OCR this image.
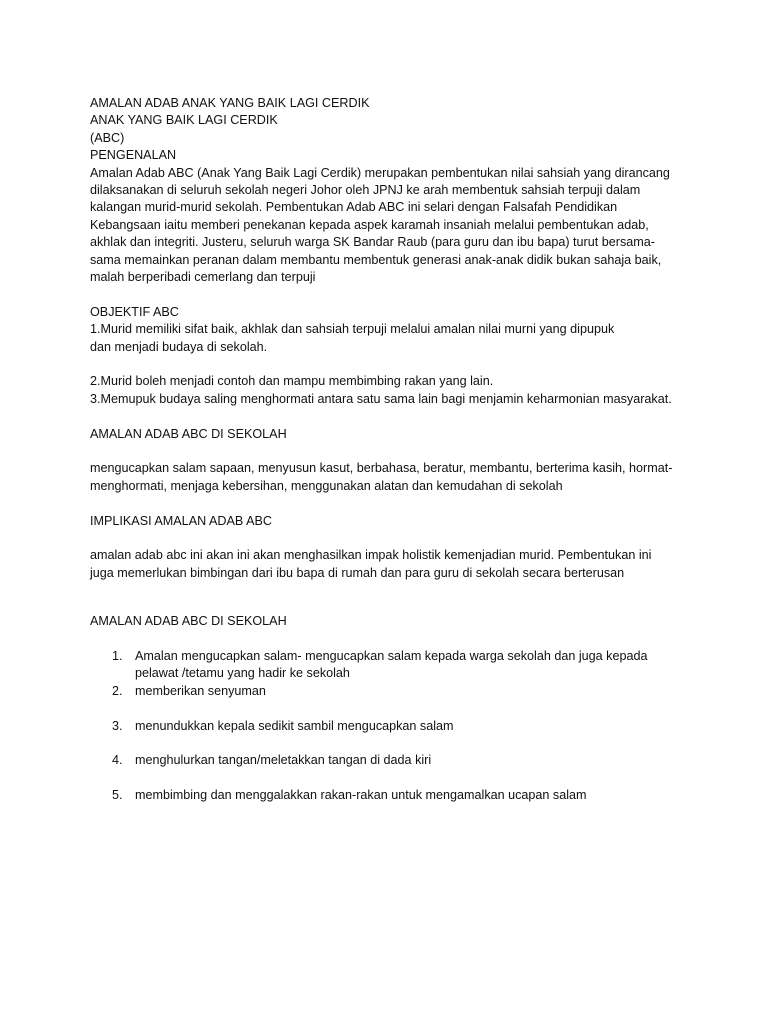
AMALAN ADAB ANAK YANG BAIK LAGI CERDIK
ANAK YANG BAIK LAGI CERDIK
(ABC)
PENGENALAN
Amalan Adab ABC (Anak Yang Baik Lagi Cerdik) merupakan pembentukan nilai sahsiah yang dirancang
dilaksanakan di seluruh sekolah negeri Johor oleh JPNJ ke arah membentuk sahsiah terpuji dalam
kalangan murid-murid sekolah. Pembentukan Adab ABC ini selari dengan Falsafah Pendidikan
Kebangsaan iaitu memberi penekanan kepada aspek karamah insaniah melalui pembentukan adab,
akhlak dan integriti. Justeru, seluruh warga SK Bandar Raub (para guru dan ibu bapa) turut bersama-
sama memainkan peranan dalam membantu membentuk generasi anak-anak didik bukan sahaja baik,
malah berperibadi cemerlang dan terpuji
OBJEKTIF ABC
1.Murid memiliki sifat baik, akhlak dan sahsiah terpuji melalui amalan nilai murni yang dipupuk
dan menjadi budaya di sekolah.
2.Murid boleh menjadi contoh dan mampu membimbing rakan yang lain.
3.Memupuk budaya saling menghormati antara satu sama lain bagi menjamin keharmonian masyarakat.
AMALAN ADAB ABC DI SEKOLAH
mengucapkan salam sapaan, menyusun kasut, berbahasa, beratur, membantu, berterima kasih, hormat-
menghormati, menjaga kebersihan, menggunakan alatan dan kemudahan di sekolah
IMPLIKASI AMALAN ADAB ABC
amalan adab abc ini akan ini akan menghasilkan impak holistik kemenjadian murid. Pembentukan ini
juga memerlukan bimbingan dari ibu bapa di rumah dan para guru di sekolah secara berterusan
AMALAN ADAB ABC DI SEKOLAH
1. Amalan mengucapkan salam- mengucapkan salam kepada warga sekolah dan juga kepada
pelawat /tetamu yang hadir ke sekolah
2. memberikan senyuman
3. menundukkan kepala sedikit sambil mengucapkan salam
4. menghulurkan tangan/meletakkan tangan di dada kiri
5. membimbing dan menggalakkan rakan-rakan untuk mengamalkan ucapan salam
